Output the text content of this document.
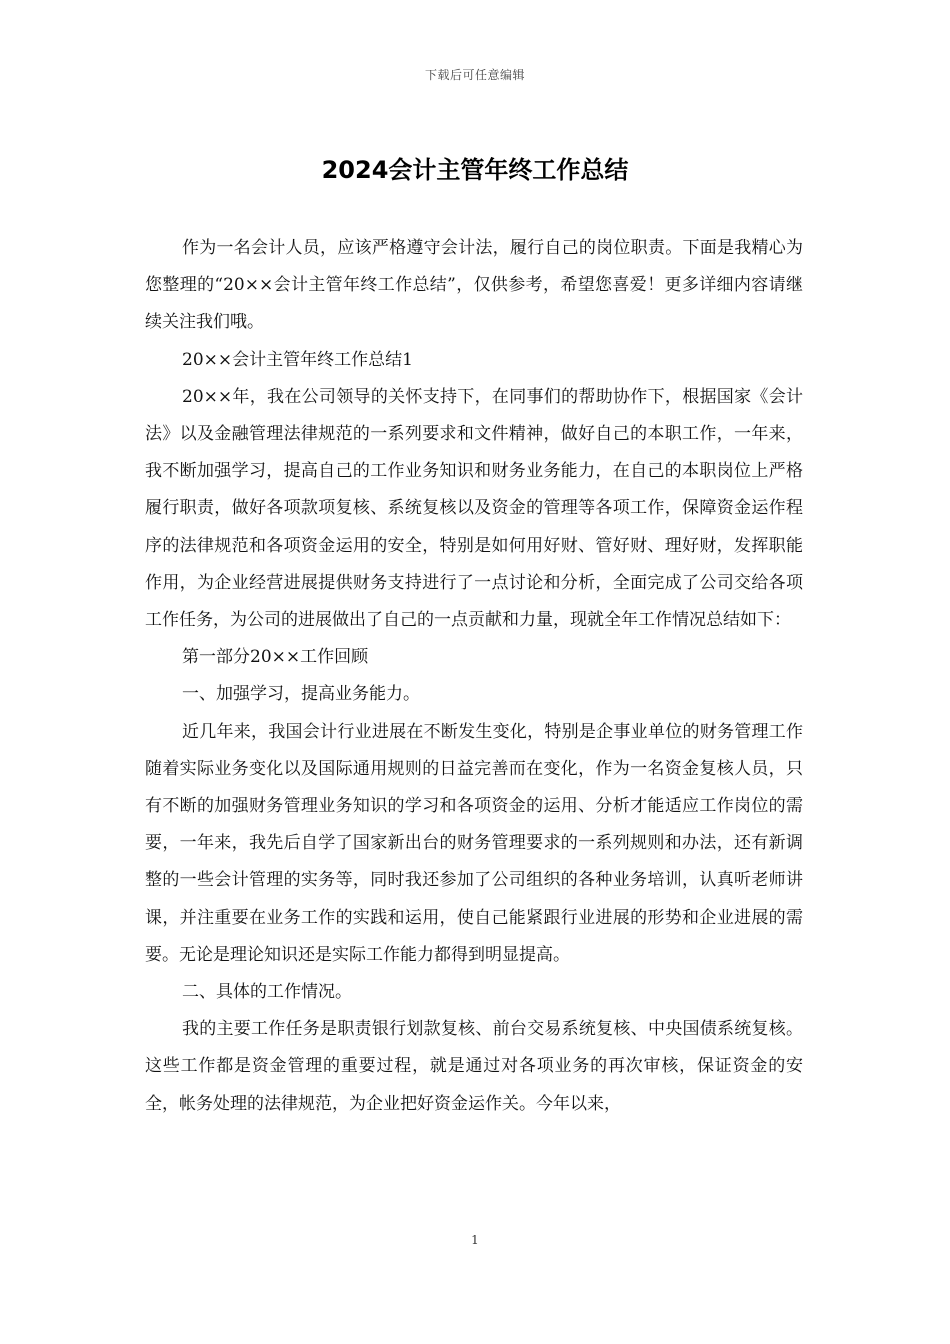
下载后可任意编辑
2024会计主管年终工作总结

作为一名会计人员，应该严格遵守会计法，履行自己的岗位职责。下面是我精心为您整理的“20××会计主管年终工作总结”，仅供参考，希望您喜爱！更多详细内容请继续关注我们哦。

20××会计主管年终工作总结1

20××年，我在公司领导的关怀支持下，在同事们的帮助协作下，根据国家《会计法》以及金融管理法律规范的一系列要求和文件精神，做好自己的本职工作，一年来，我不断加强学习，提高自己的工作业务知识和财务业务能力，在自己的本职岗位上严格履行职责，做好各项款项复核、系统复核以及资金的管理等各项工作，保障资金运作程序的法律规范和各项资金运用的安全，特别是如何用好财、管好财、理好财，发挥职能作用，为企业经营进展提供财务支持进行了一点讨论和分析，全面完成了公司交给各项工作任务，为公司的进展做出了自己的一点贡献和力量，现就全年工作情况总结如下：

第一部分20××工作回顾

一、加强学习，提高业务能力。

近几年来，我国会计行业进展在不断发生变化，特别是企事业单位的财务管理工作随着实际业务变化以及国际通用规则的日益完善而在变化，作为一名资金复核人员，只有不断的加强财务管理业务知识的学习和各项资金的运用、分析才能适应工作岗位的需要，一年来，我先后自学了国家新出台的财务管理要求的一系列规则和办法，还有新调整的一些会计管理的实务等，同时我还参加了公司组织的各种业务培训，认真听老师讲课，并注重要在业务工作的实践和运用，使自己能紧跟行业进展的形势和企业进展的需要。无论是理论知识还是实际工作能力都得到明显提高。

二、具体的工作情况。

我的主要工作任务是职责银行划款复核、前台交易系统复核、中央国债系统复核。这些工作都是资金管理的重要过程，就是通过对各项业务的再次审核，保证资金的安全，帐务处理的法律规范，为企业把好资金运作关。今年以来，

1
